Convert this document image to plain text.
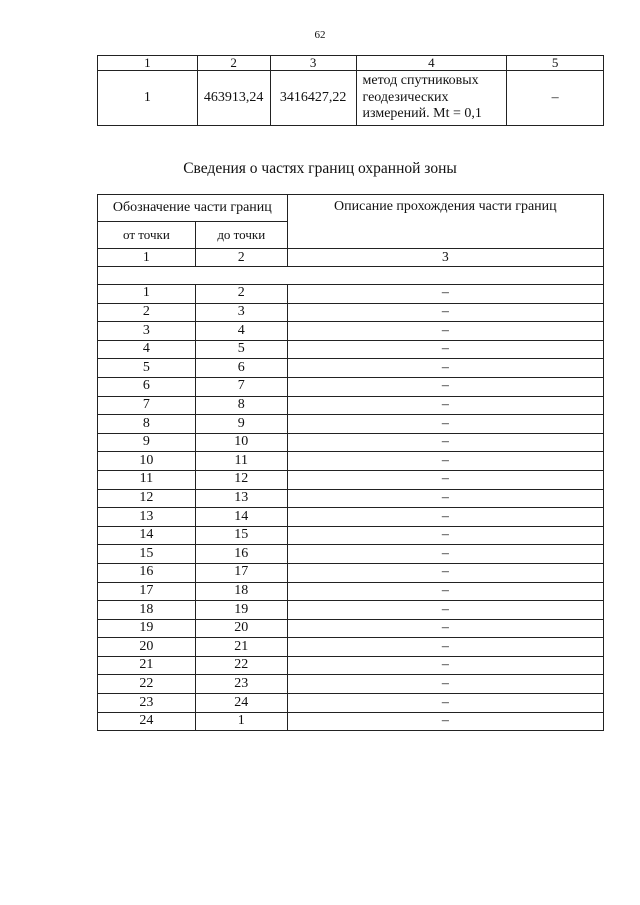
62
1	2	3	4	5
1	463913,24	3416427,22	метод спутниковых
геодезических
измерений. Mt = 0,1	–
Сведения о частях границ охранной зоны
Обозначение части границ		Описание прохождения части границ
от точки	до точки	
1	2	3

1	2	–
2	3	–
3	4	–
4	5	–
5	6	–
6	7	–
7	8	–
8	9	–
9	10	–
10	11	–
11	12	–
12	13	–
13	14	–
14	15	–
15	16	–
16	17	–
17	18	–
18	19	–
19	20	–
20	21	–
21	22	–
22	23	–
23	24	–
24	1	–
